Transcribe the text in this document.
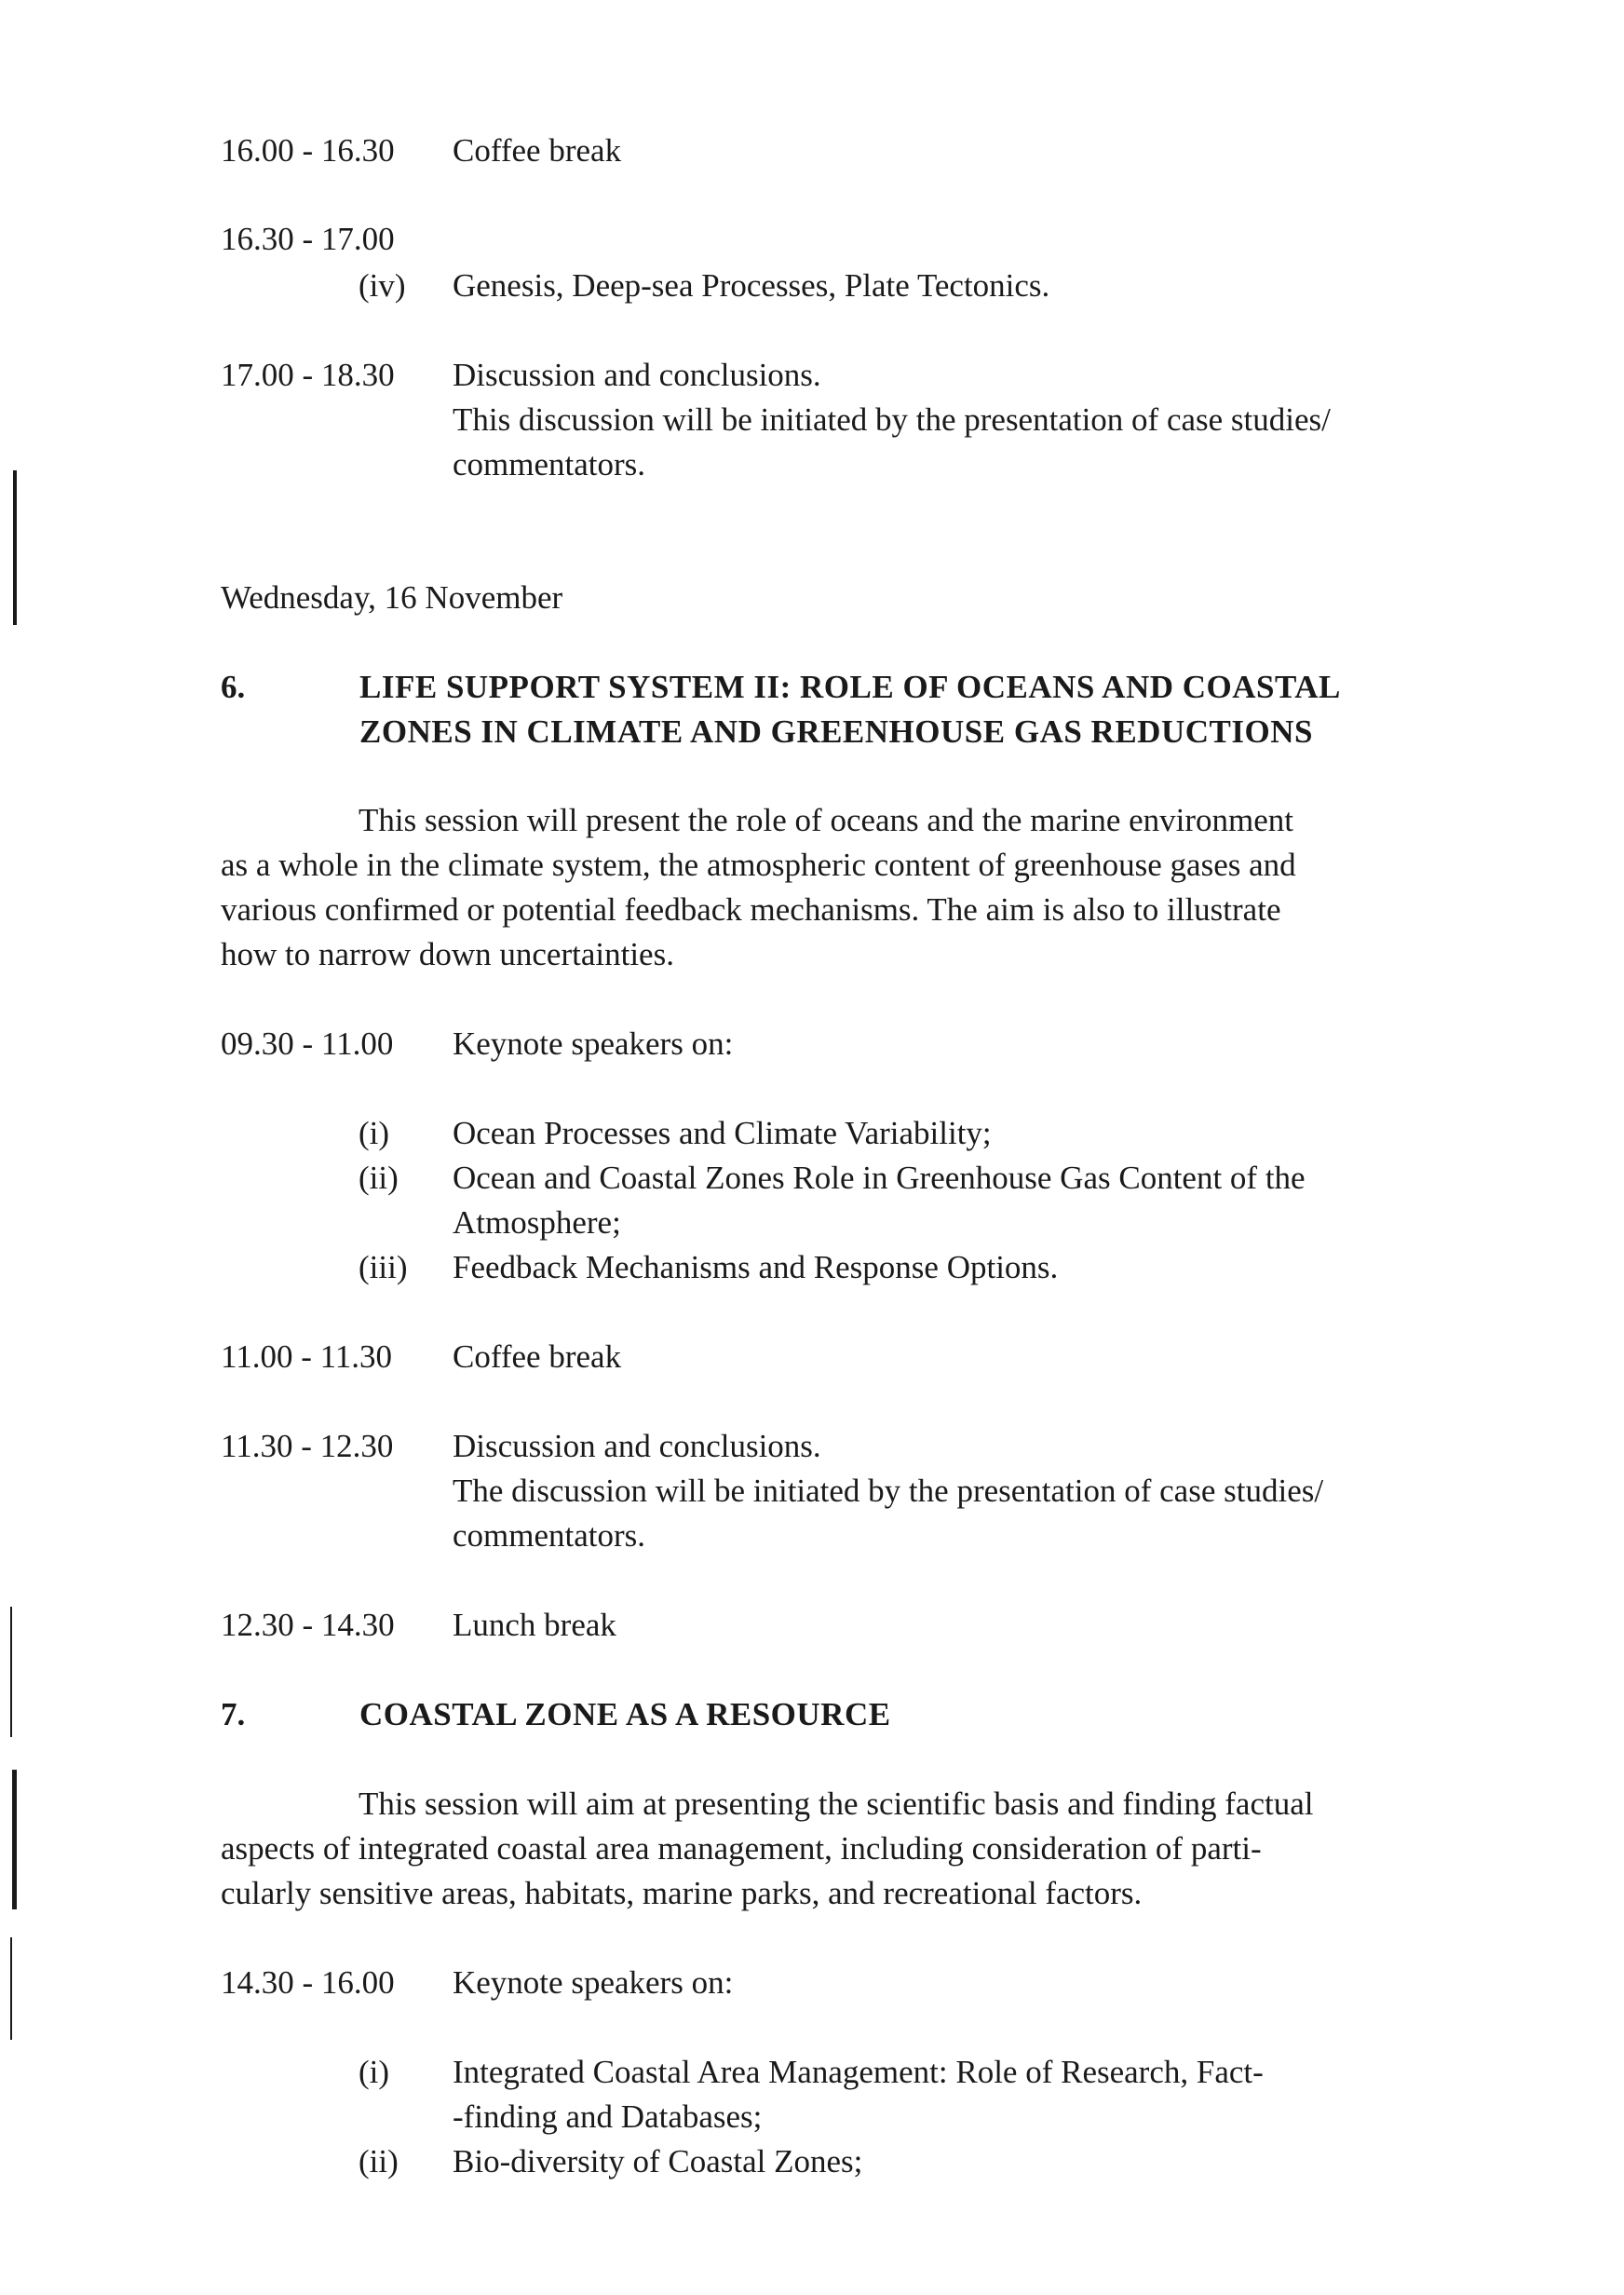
16.00 - 16.30 Coffee break
16.30 - 17.00
(iv) Genesis, Deep-sea Processes, Plate Tectonics.
17.00 - 18.30 Discussion and conclusions.
This discussion will be initiated by the presentation of case studies/
commentators.
Wednesday, 16 November
6.	LIFE SUPPORT SYSTEM II: ROLE OF OCEANS AND COASTAL
ZONES IN CLIMATE AND GREENHOUSE GAS REDUCTIONS
This session will present the role of oceans and the marine environment
as a whole in the climate system, the atmospheric content of greenhouse gases and
various confirmed or potential feedback mechanisms. The aim is also to illustrate
how to narrow down uncertainties.
09.30 - 11.00 Keynote speakers on:
(i) Ocean Processes and Climate Variability;
(ii) Ocean and Coastal Zones Role in Greenhouse Gas Content of the
Atmosphere;
(iii) Feedback Mechanisms and Response Options.
11.00 - 11.30 Coffee break
11.30 - 12.30 Discussion and conclusions.
The discussion will be initiated by the presentation of case studies/
commentators.
12.30 - 14.30 Lunch break
7.	COASTAL ZONE AS A RESOURCE
This session will aim at presenting the scientific basis and finding factual
aspects of integrated coastal area management, including consideration of parti-
cularly sensitive areas, habitats, marine parks, and recreational factors.
14.30 - 16.00 Keynote speakers on:
(i) Integrated Coastal Area Management: Role of Research, Fact-
-finding and Databases;
(ii) Bio-diversity of Coastal Zones;
